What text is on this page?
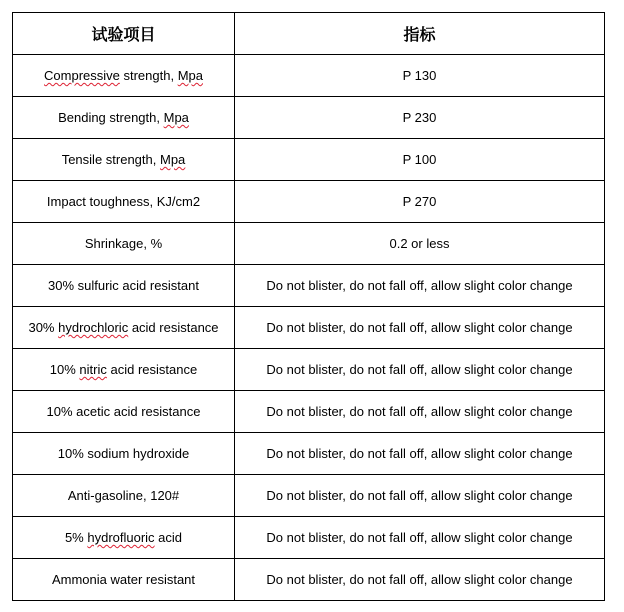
试验项目	指标
Compressive strength, Mpa	P 130
Bending strength, Mpa	P 230
Tensile strength, Mpa	P 100
Impact toughness, KJ/cm2	P 270
Shrinkage, %	0.2 or less
30% sulfuric acid resistant	Do not blister, do not fall off, allow slight color change
30% hydrochloric acid resistance	Do not blister, do not fall off, allow slight color change
10% nitric acid resistance	Do not blister, do not fall off, allow slight color change
10% acetic acid resistance	Do not blister, do not fall off, allow slight color change
10% sodium hydroxide	Do not blister, do not fall off, allow slight color change
Anti-gasoline, 120#	Do not blister, do not fall off, allow slight color change
5% hydrofluoric acid	Do not blister, do not fall off, allow slight color change
Ammonia water resistant	Do not blister, do not fall off, allow slight color change
